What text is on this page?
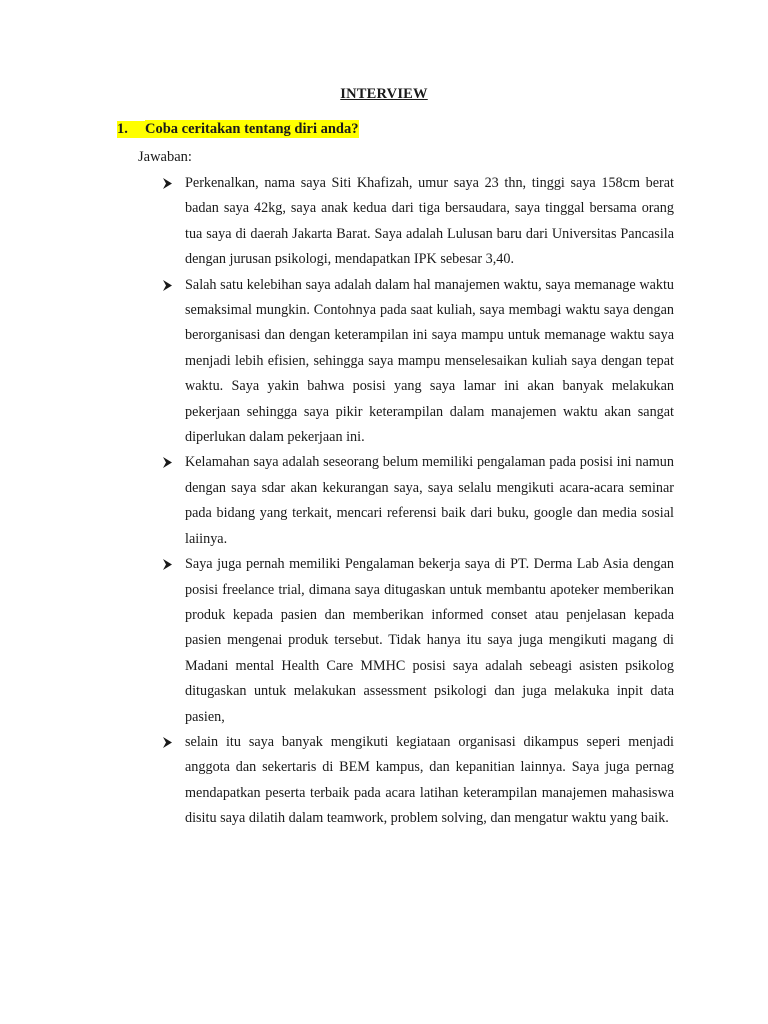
INTERVIEW
1. Coba ceritakan tentang diri anda?
Jawaban:
Perkenalkan, nama saya Siti Khafizah, umur saya 23 thn, tinggi saya 158cm berat badan saya 42kg, saya anak kedua dari tiga bersaudara, saya tinggal bersama orang tua saya di daerah Jakarta Barat. Saya adalah Lulusan baru dari Universitas Pancasila dengan jurusan psikologi, mendapatkan IPK sebesar 3,40.
Salah satu kelebihan saya adalah dalam hal manajemen waktu, saya memanage waktu semaksimal mungkin. Contohnya pada saat kuliah, saya membagi waktu saya dengan berorganisasi dan dengan keterampilan ini saya mampu untuk memanage waktu saya menjadi lebih efisien, sehingga saya mampu menselesaikan kuliah saya dengan tepat waktu. Saya yakin bahwa posisi yang saya lamar ini akan banyak melakukan pekerjaan sehingga saya pikir keterampilan dalam manajemen waktu akan sangat diperlukan dalam pekerjaan ini.
Kelamahan saya adalah seseorang belum memiliki pengalaman pada posisi ini namun dengan saya sdar akan kekurangan saya, saya selalu mengikuti acara-acara seminar pada bidang yang terkait, mencari referensi baik dari buku, google dan media sosial laiinya.
Saya juga pernah memiliki Pengalaman bekerja saya di PT. Derma Lab Asia dengan posisi freelance trial, dimana saya ditugaskan untuk membantu apoteker memberikan produk kepada pasien dan memberikan informed conset atau penjelasan kepada pasien mengenai produk tersebut. Tidak hanya itu saya juga mengikuti magang di Madani mental Health Care MMHC posisi saya adalah sebeagi asisten psikolog ditugaskan untuk melakukan assessment psikologi dan juga melakuka inpit data pasien,
selain itu saya banyak mengikuti kegiataan organisasi dikampus seperi menjadi anggota dan sekertaris di BEM kampus, dan kepanitian lainnya. Saya juga pernag mendapatkan peserta terbaik pada acara latihan keterampilan manajemen mahasiswa disitu saya dilatih dalam teamwork, problem solving, dan mengatur waktu yang baik.
